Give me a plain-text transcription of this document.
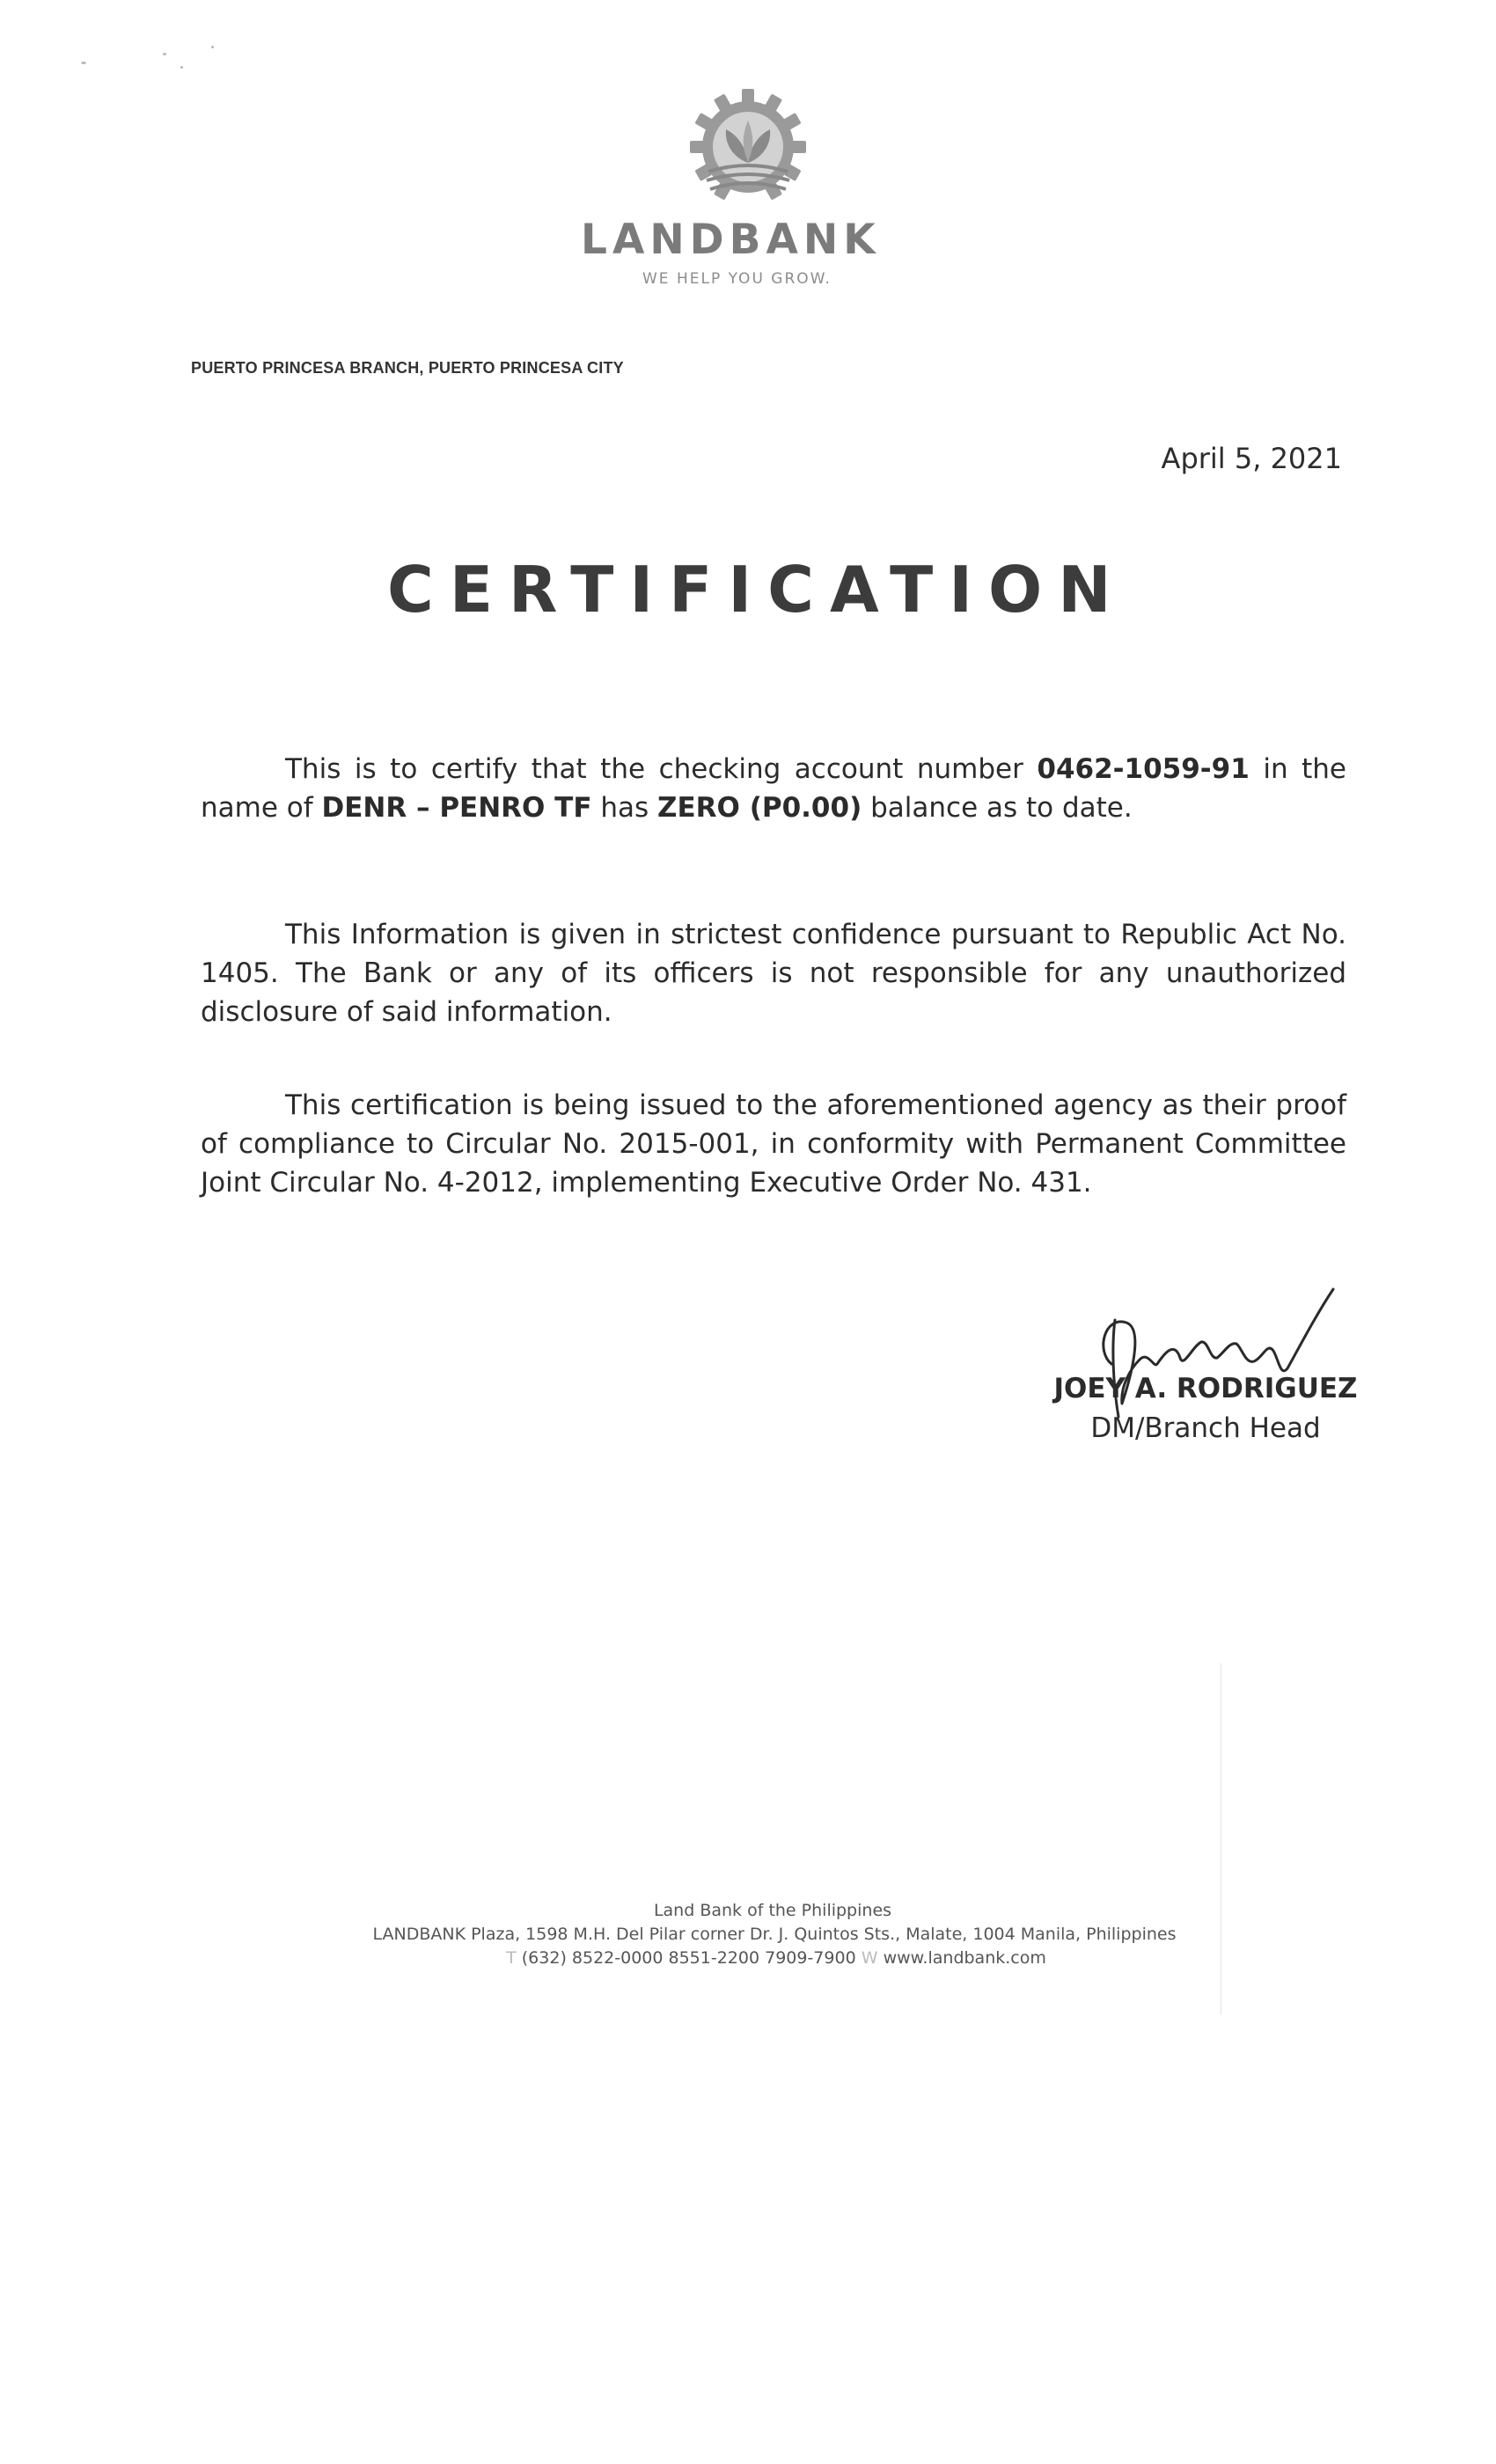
LANDBANK
WE HELP YOU GROW.
PUERTO PRINCESA BRANCH, PUERTO PRINCESA CITY
April 5, 2021
CERTIFICATION
This is to certify that the checking account number 0462-1059-91 in the name of DENR – PENRO TF has ZERO (P0.00) balance as to date.
This Information is given in strictest confidence pursuant to Republic Act No. 1405. The Bank or any of its officers is not responsible for any unauthorized disclosure of said information.
This certification is being issued to the aforementioned agency as their proof of compliance to Circular No. 2015-001, in conformity with Permanent Committee Joint Circular No. 4-2012, implementing Executive Order No. 431.
JOEY A. RODRIGUEZ
DM/Branch Head
Land Bank of the Philippines
LANDBANK Plaza, 1598 M.H. Del Pilar corner Dr. J. Quintos Sts., Malate, 1004 Manila, Philippines
T (632) 8522-0000 8551-2200 7909-7900 W www.landbank.com
